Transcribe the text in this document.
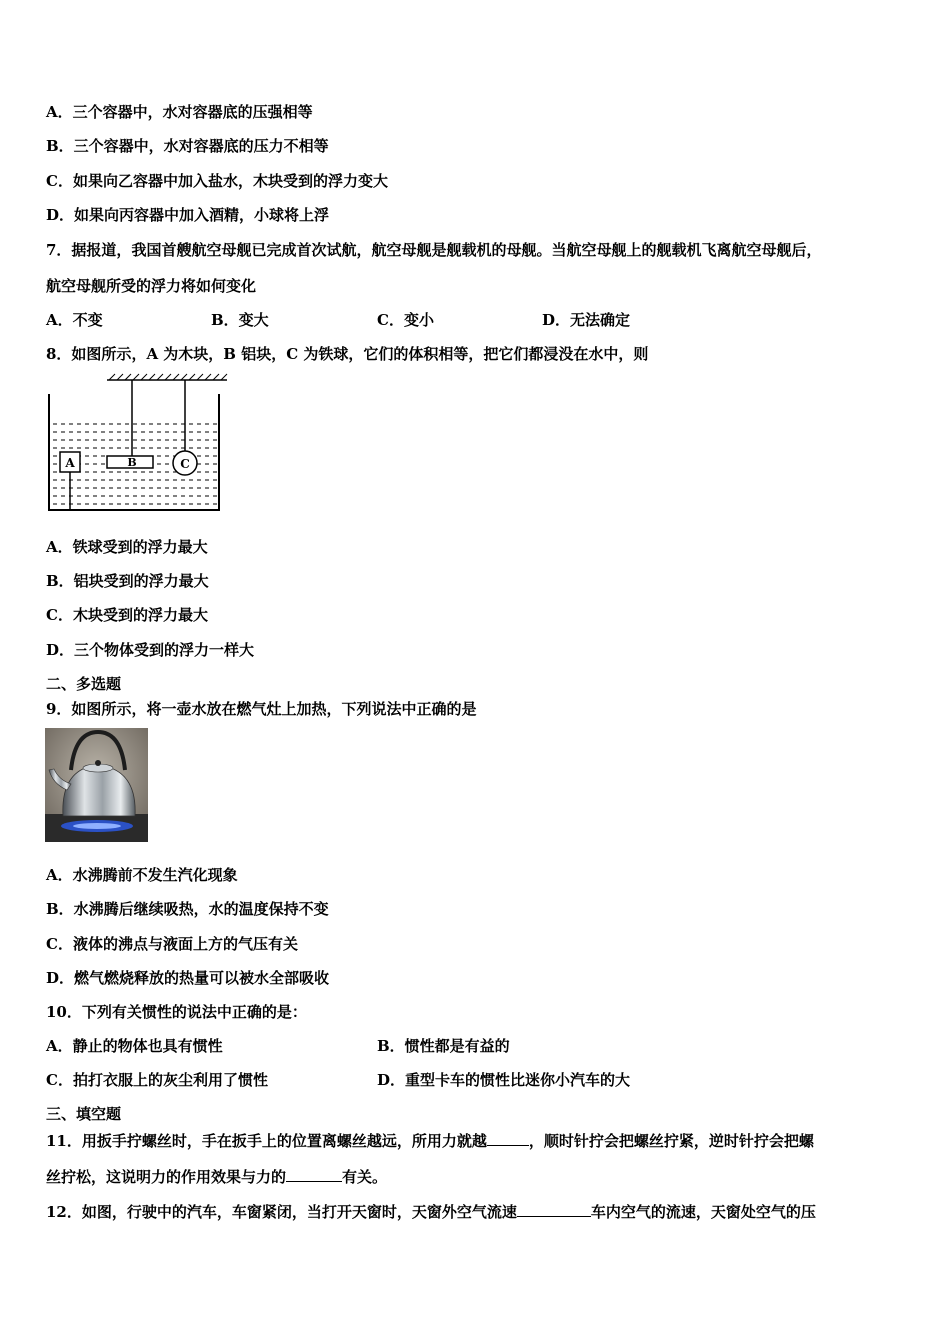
A．三个容器中，水对容器底的压强相等
B．三个容器中，水对容器底的压力不相等
C．如果向乙容器中加入盐水，木块受到的浮力变大
D．如果向丙容器中加入酒精，小球将上浮
7．据报道，我国首艘航空母舰已完成首次试航，航空母舰是舰载机的母舰。当航空母舰上的舰载机飞离航空母舰后，
航空母舰所受的浮力将如何变化
A．不变	B．变大	C．变小	D．无法确定
8．如图所示，A 为木块，B 铝块，C 为铁球，它们的体积相等，把它们都浸没在水中，则
A	B	C
A．铁球受到的浮力最大
B．铝块受到的浮力最大
C．木块受到的浮力最大
D．三个物体受到的浮力一样大
二、多选题
9．如图所示，将一壶水放在燃气灶上加热，下列说法中正确的是
A．水沸腾前不发生汽化现象
B．水沸腾后继续吸热，水的温度保持不变
C．液体的沸点与液面上方的气压有关
D．燃气燃烧释放的热量可以被水全部吸收
10．下列有关惯性的说法中正确的是：
A．静止的物体也具有惯性	B．惯性都是有益的
C．拍打衣服上的灰尘利用了惯性	D．重型卡车的惯性比迷你小汽车的大
三、填空题
11．用扳手拧螺丝时，手在扳手上的位置离螺丝越远，所用力就越	，顺时针拧会把螺丝拧紧，逆时针拧会把螺
丝拧松，这说明力的作用效果与力的	有关。
12．如图，行驶中的汽车，车窗紧闭，当打开天窗时，天窗外空气流速	车内空气的流速，天窗处空气的压
